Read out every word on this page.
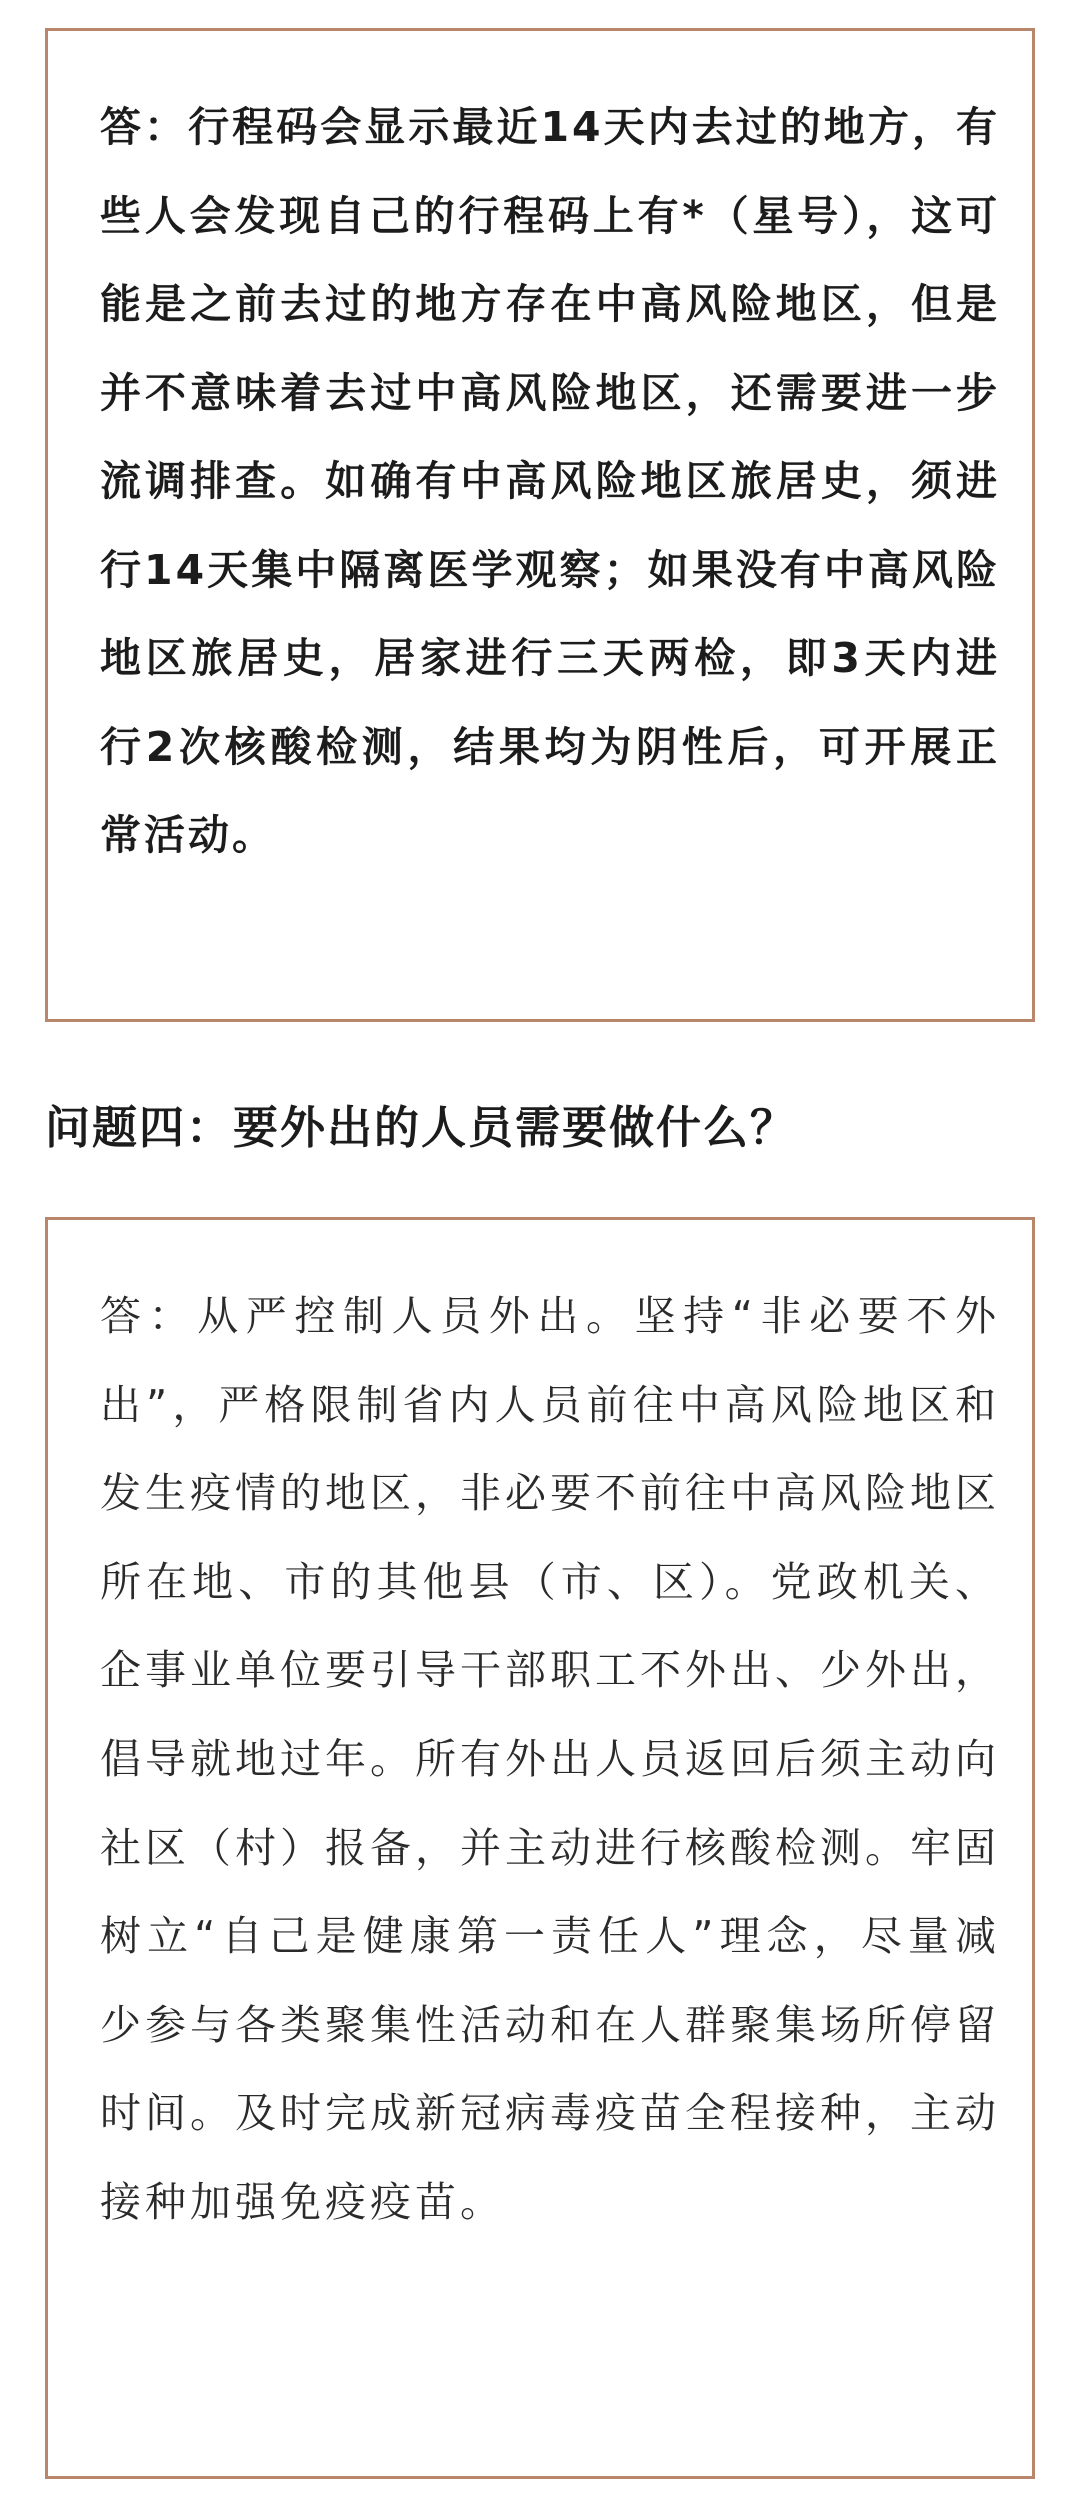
答：行程码会显示最近14天内去过的地方，有些人会发现自己的行程码上有*（星号），这可能是之前去过的地方存在中高风险地区，但是并不意味着去过中高风险地区，还需要进一步流调排查。如确有中高风险地区旅居史，须进行14天集中隔离医学观察；如果没有中高风险地区旅居史，居家进行三天两检，即3天内进行2次核酸检测，结果均为阴性后，可开展正常活动。

问题四：要外出的人员需要做什么？

答：从严控制人员外出。坚持“非必要不外出”，严格限制省内人员前往中高风险地区和发生疫情的地区，非必要不前往中高风险地区所在地、市的其他县（市、区）。党政机关、企事业单位要引导干部职工不外出、少外出，倡导就地过年。所有外出人员返回后须主动向社区（村）报备，并主动进行核酸检测。牢固树立“自己是健康第一责任人”理念，尽量减少参与各类聚集性活动和在人群聚集场所停留时间。及时完成新冠病毒疫苗全程接种，主动接种加强免疫疫苗。
